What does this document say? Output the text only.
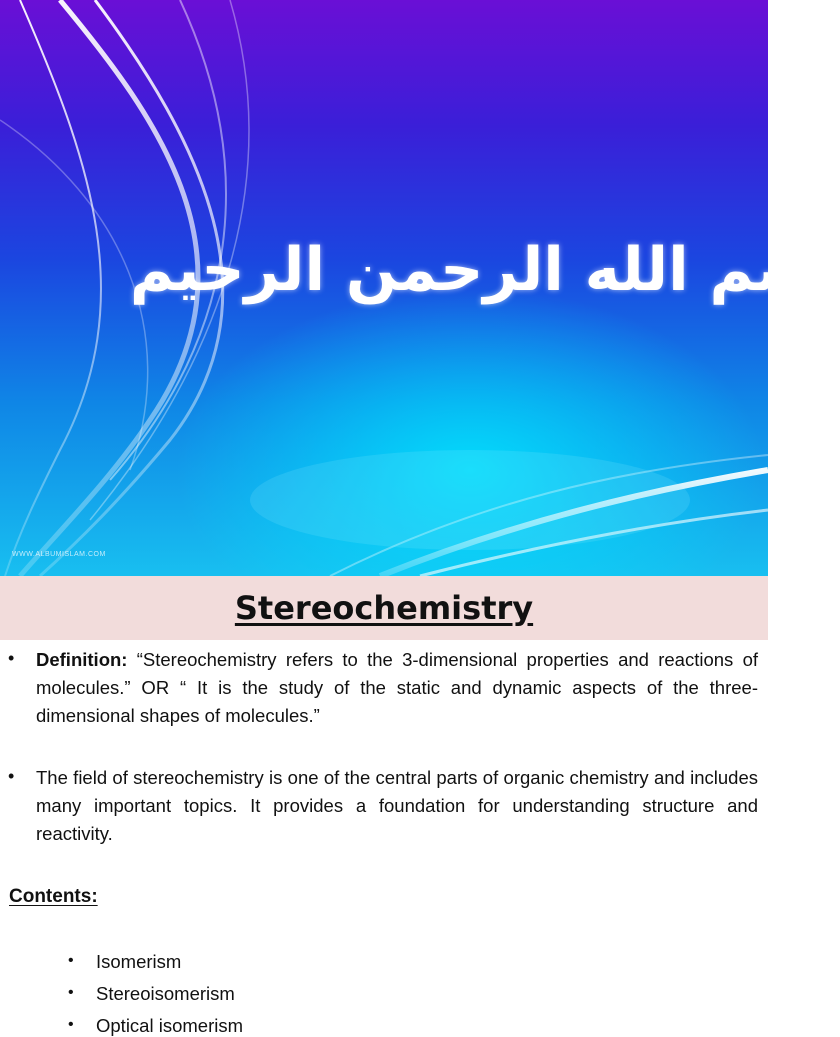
بسم الله الرحمن الرحيم
WWW.ALBUMISLAM.COM
Stereochemistry
• Definition: “Stereochemistry refers to the 3-dimensional properties and reactions of molecules.” OR “ It is the study of the static and dynamic aspects of the three-dimensional shapes of molecules.”

• The field of stereochemistry is one of the central parts of organic chemistry and includes many important topics. It provides a foundation for understanding structure and reactivity.

Contents:
• Isomerism
• Stereoisomerism
• Optical isomerism
